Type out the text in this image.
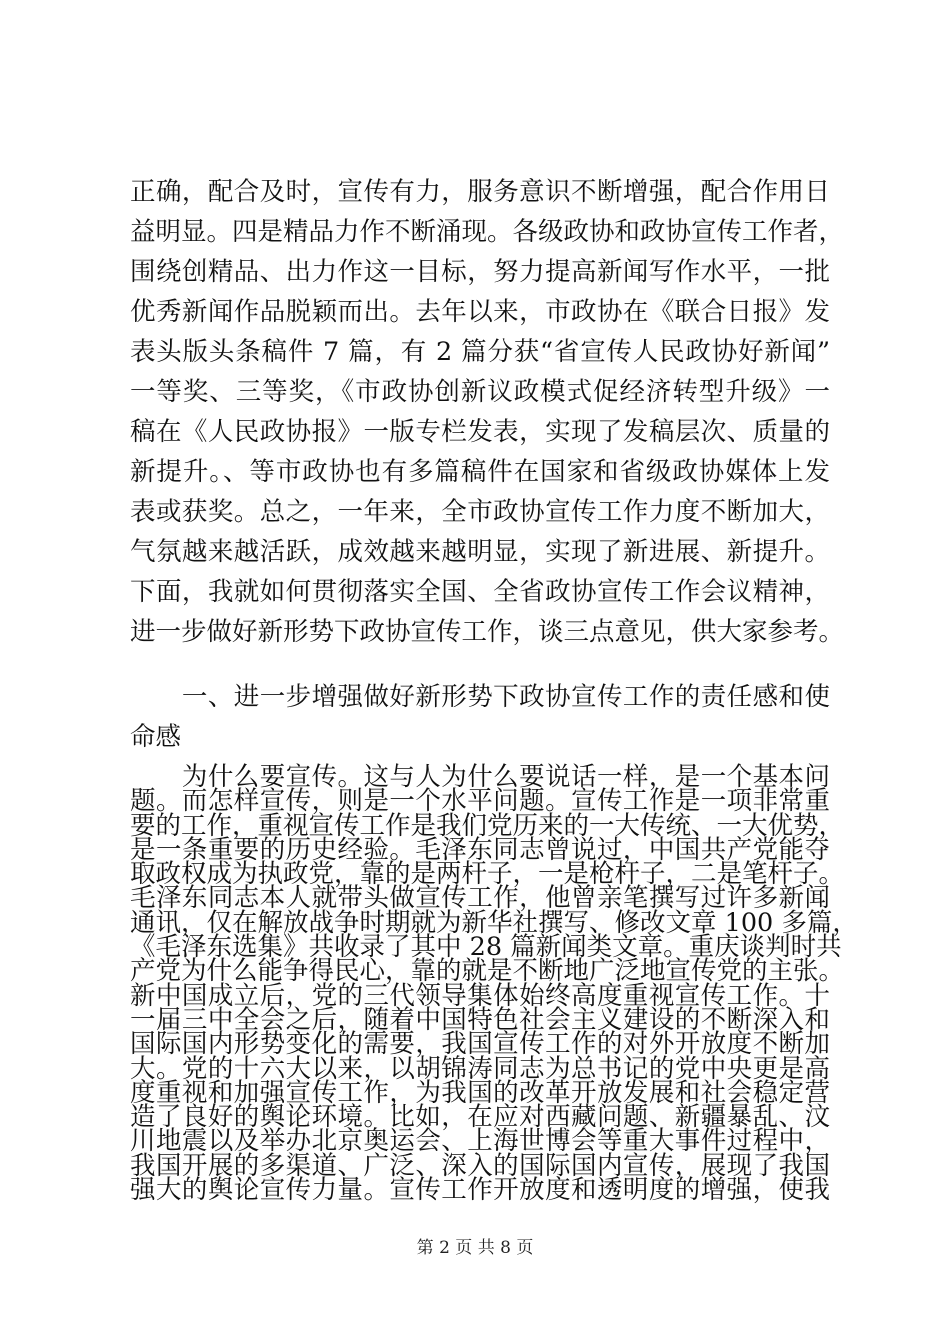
正确，配合及时，宣传有力，服务意识不断增强，配合作用日
益明显。四是精品力作不断涌现。各级政协和政协宣传工作者，
围绕创精品、出力作这一目标，努力提高新闻写作水平，一批
优秀新闻作品脱颖而出。去年以来，市政协在《联合日报》发
表头版头条稿件 7 篇，有 2 篇分获“省宣传人民政协好新闻”
一等奖、三等奖，《市政协创新议政模式促经济转型升级》一
稿在《人民政协报》一版专栏发表，实现了发稿层次、质量的
新提升。、等市政协也有多篇稿件在国家和省级政协媒体上发
表或获奖。总之，一年来，全市政协宣传工作力度不断加大，
气氛越来越活跃，成效越来越明显，实现了新进展、新提升。
下面，我就如何贯彻落实全国、全省政协宣传工作会议精神，
进一步做好新形势下政协宣传工作，谈三点意见，供大家参考。
　　一、进一步增强做好新形势下政协宣传工作的责任感和使
命感
　　为什么要宣传。这与人为什么要说话一样，是一个基本问
题。而怎样宣传，则是一个水平问题。宣传工作是一项非常重
要的工作，重视宣传工作是我们党历来的一大传统、一大优势，
是一条重要的历史经验。毛泽东同志曾说过，中国共产党能夺
取政权成为执政党，靠的是两杆子，一是枪杆子，二是笔杆子。
毛泽东同志本人就带头做宣传工作，他曾亲笔撰写过许多新闻
通讯，仅在解放战争时期就为新华社撰写、修改文章 100 多篇，
《毛泽东选集》共收录了其中 28 篇新闻类文章。重庆谈判时共
产党为什么能争得民心，靠的就是不断地广泛地宣传党的主张。
新中国成立后，党的三代领导集体始终高度重视宣传工作。十
一届三中全会之后，随着中国特色社会主义建设的不断深入和
国际国内形势变化的需要，我国宣传工作的对外开放度不断加
大。党的十六大以来，以胡锦涛同志为总书记的党中央更是高
度重视和加强宣传工作，为我国的改革开放发展和社会稳定营
造了良好的舆论环境。比如，在应对西藏问题、新疆暴乱、汶
川地震以及举办北京奥运会、上海世博会等重大事件过程中，
我国开展的多渠道、广泛、深入的国际国内宣传，展现了我国
强大的舆论宣传力量。宣传工作开放度和透明度的增强，使我
第 2 页 共 8 页
